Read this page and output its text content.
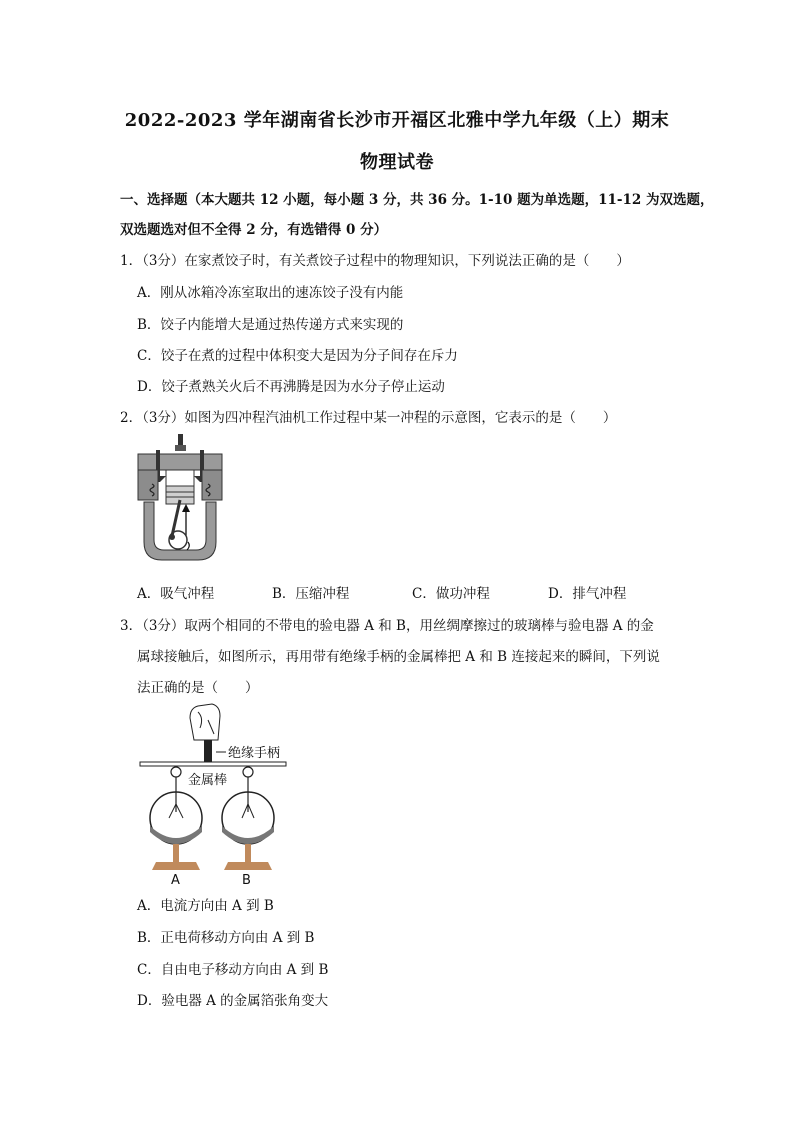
2022-2023 学年湖南省长沙市开福区北雅中学九年级（上）期末
物理试卷
一、选择题（本大题共 12 小题，每小题 3 分，共 36 分。1-10 题为单选题，11-12 为双选题，
双选题选对但不全得 2 分，有选错得 0 分）
1．（3分）在家煮饺子时，有关煮饺子过程中的物理知识，下列说法正确的是（　　）
A．刚从冰箱冷冻室取出的速冻饺子没有内能
B．饺子内能增大是通过热传递方式来实现的
C．饺子在煮的过程中体积变大是因为分子间存在斥力
D．饺子煮熟关火后不再沸腾是因为水分子停止运动
2．（3分）如图为四冲程汽油机工作过程中某一冲程的示意图，它表示的是（　　）
A．吸气冲程	B．压缩冲程	C．做功冲程	D．排气冲程
3．（3分）取两个相同的不带电的验电器 A 和 B，用丝绸摩擦过的玻璃棒与验电器 A 的金
属球接触后，如图所示，再用带有绝缘手柄的金属棒把 A 和 B 连接起来的瞬间，下列说
法正确的是（　　）
绝缘手柄
金属棒
A	B
A．电流方向由 A 到 B
B．正电荷移动方向由 A 到 B
C．自由电子移动方向由 A 到 B
D．验电器 A 的金属箔张角变大
